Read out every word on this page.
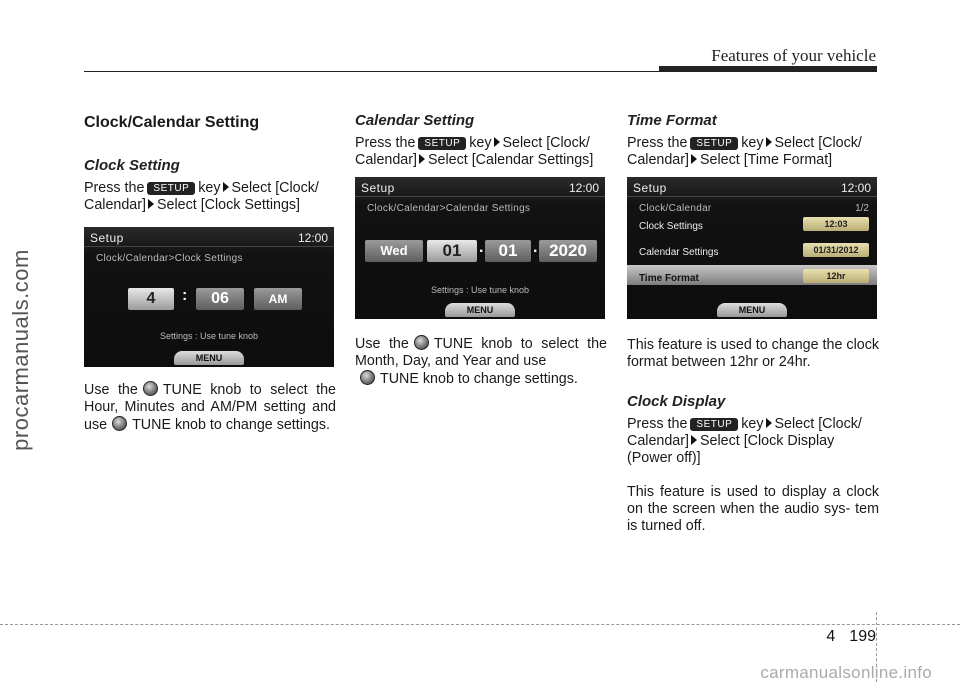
Features of your vehicle
procarmanuals.com
Clock/Calendar Setting
Clock Setting

Press the SETUP key Select [Clock/ Calendar] Select [Clock Settings]

Setup	12:00
Clock/Calendar>Clock Settings
4	:	06	AM
Settings : Use tune knob
MENU

Use the TUNE knob to select the Hour, Minutes and AM/PM setting and use TUNE knob to change settings.

Calendar Setting

Press the SETUP key Select [Clock/ Calendar] Select [Calendar Settings]

Setup	12:00
Clock/Calendar>Calendar Settings
Wed	01	. 01 . 2020
Settings : Use tune knob
MENU

Use the TUNE knob to select the Month, Day, and Year and use
TUNE knob to change settings.

Time Format

Press the SETUP key Select [Clock/ Calendar] Select [Time Format]

Setup	12:00
Clock/Calendar	1/2
Clock Settings	12:03
Calendar Settings	01/31/2012
Time Format	12hr
MENU

This feature is used to change the clock format between 12hr or 24hr.

Clock Display

Press the SETUP key Select [Clock/ Calendar] Select [Clock Display (Power off)]

This feature is used to display a clock on the screen when the audio sys- tem is turned off.

4 199
carmanualsonline.info
